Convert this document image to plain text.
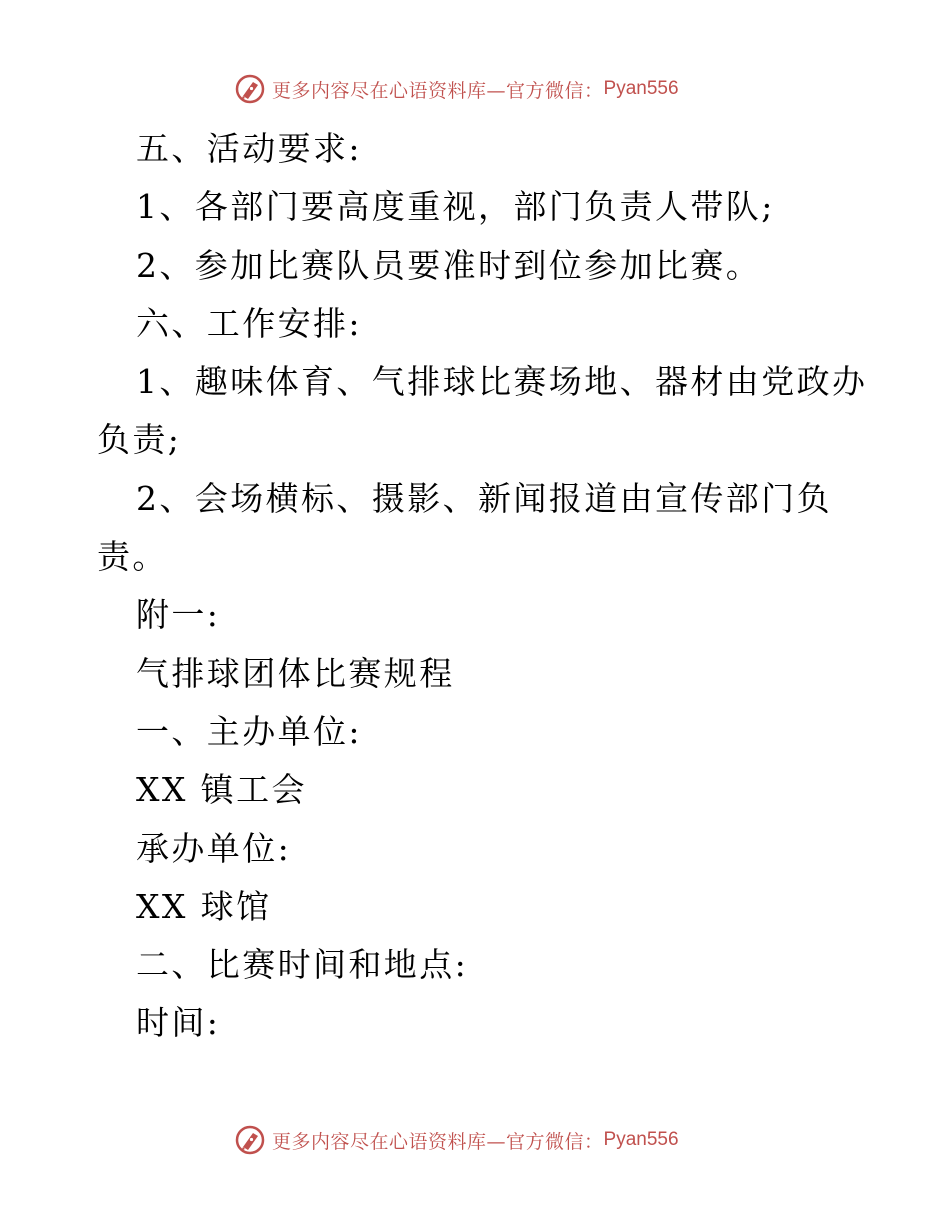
更多内容尽在心语资料库—官方微信： Pyan556
五、活动要求:
1、各部门要高度重视，部门负责人带队;
2、参加比赛队员要准时到位参加比赛。
六、工作安排:
1、趣味体育、气排球比赛场地、器材由党政办
负责;
2、会场横标、摄影、新闻报道由宣传部门负
责。
附一:
气排球团体比赛规程
一、主办单位:
XX 镇工会
承办单位:
XX 球馆
二、比赛时间和地点:
时间:
更多内容尽在心语资料库—官方微信： Pyan556
